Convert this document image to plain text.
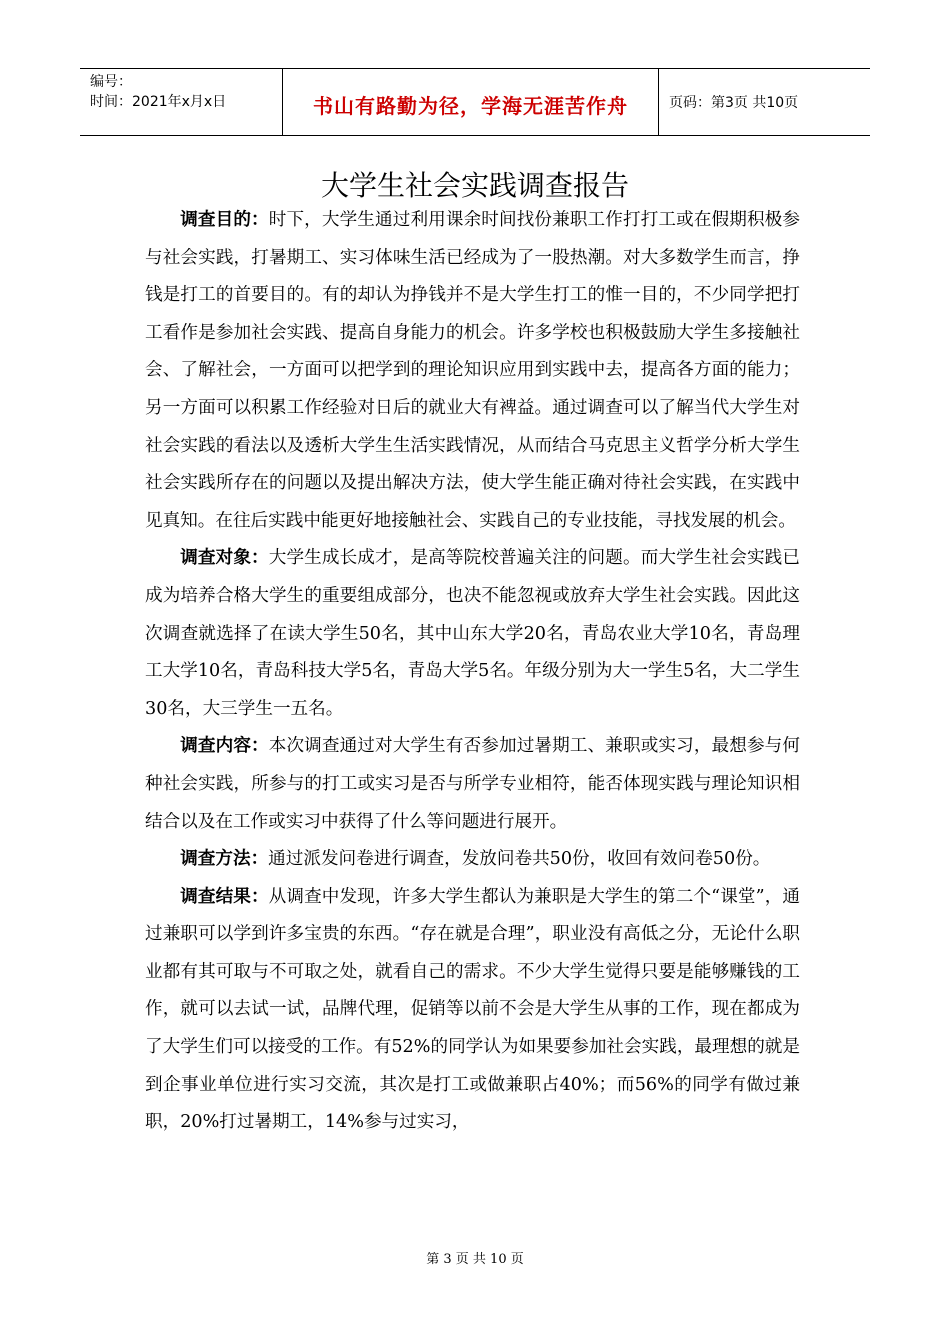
编号：
时间：2021年x月x日	书山有路勤为径，学海无涯苦作舟	页码：第3页 共10页
大学生社会实践调查报告

调查目的：时下，大学生通过利用课余时间找份兼职工作打打工或在假期积极参与社会实践，打暑期工、实习体味生活已经成为了一股热潮。对大多数学生而言，挣钱是打工的首要目的。有的却认为挣钱并不是大学生打工的惟一目的，不少同学把打工看作是参加社会实践、提高自身能力的机会。许多学校也积极鼓励大学生多接触社会、了解社会，一方面可以把学到的理论知识应用到实践中去，提高各方面的能力；另一方面可以积累工作经验对日后的就业大有裨益。通过调查可以了解当代大学生对社会实践的看法以及透析大学生生活实践情况，从而结合马克思主义哲学分析大学生社会实践所存在的问题以及提出解决方法，使大学生能正确对待社会实践，在实践中见真知。在往后实践中能更好地接触社会、实践自己的专业技能，寻找发展的机会。

调查对象：大学生成长成才，是高等院校普遍关注的问题。而大学生社会实践已成为培养合格大学生的重要组成部分，也决不能忽视或放弃大学生社会实践。因此这次调查就选择了在读大学生50名，其中山东大学20名，青岛农业大学10名，青岛理工大学10名，青岛科技大学5名，青岛大学5名。年级分别为大一学生5名，大二学生30名，大三学生一五名。

调查内容：本次调查通过对大学生有否参加过暑期工、兼职或实习，最想参与何种社会实践，所参与的打工或实习是否与所学专业相符，能否体现实践与理论知识相结合以及在工作或实习中获得了什么等问题进行展开。

调查方法：通过派发问卷进行调查，发放问卷共50份，收回有效问卷50份。

调查结果：从调查中发现，许多大学生都认为兼职是大学生的第二个“课堂”，通过兼职可以学到许多宝贵的东西。“存在就是合理”，职业没有高低之分，无论什么职业都有其可取与不可取之处，就看自己的需求。不少大学生觉得只要是能够赚钱的工作，就可以去试一试，品牌代理，促销等以前不会是大学生从事的工作，现在都成为了大学生们可以接受的工作。有52%的同学认为如果要参加社会实践，最理想的就是到企事业单位进行实习交流，其次是打工或做兼职占40%；而56%的同学有做过兼职，20%打过暑期工，14%参与过实习，

第 3 页 共 10 页
